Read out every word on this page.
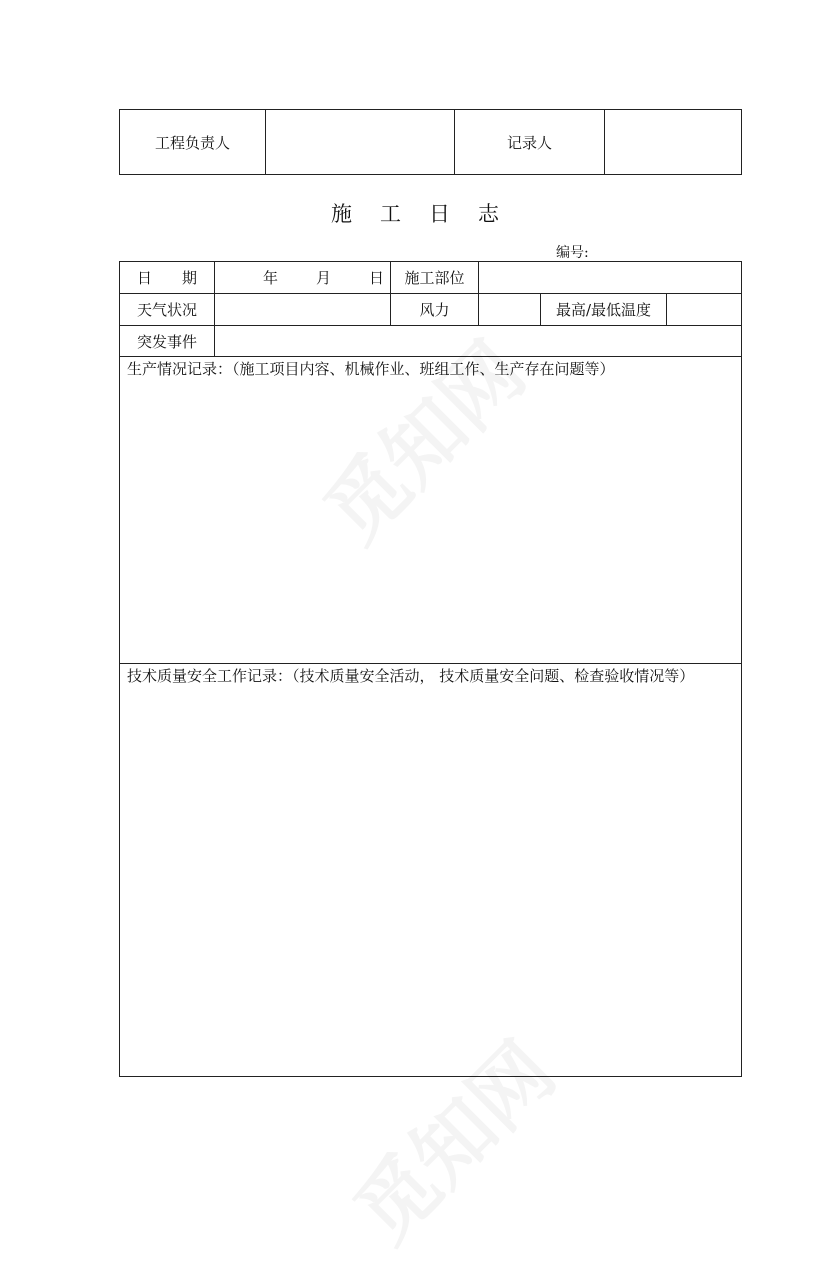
工程负责人	记录人
施 工 日 志
编号:
日 期	年	月	日	施工部位
天气状况	风力	最高/最低温度
突发事件
生产情况记录：（施工项目内容、机械作业、班组工作、生产存在问题等）
技术质量安全工作记录：（技术质量安全活动， 技术质量安全问题、检查验收情况等）
